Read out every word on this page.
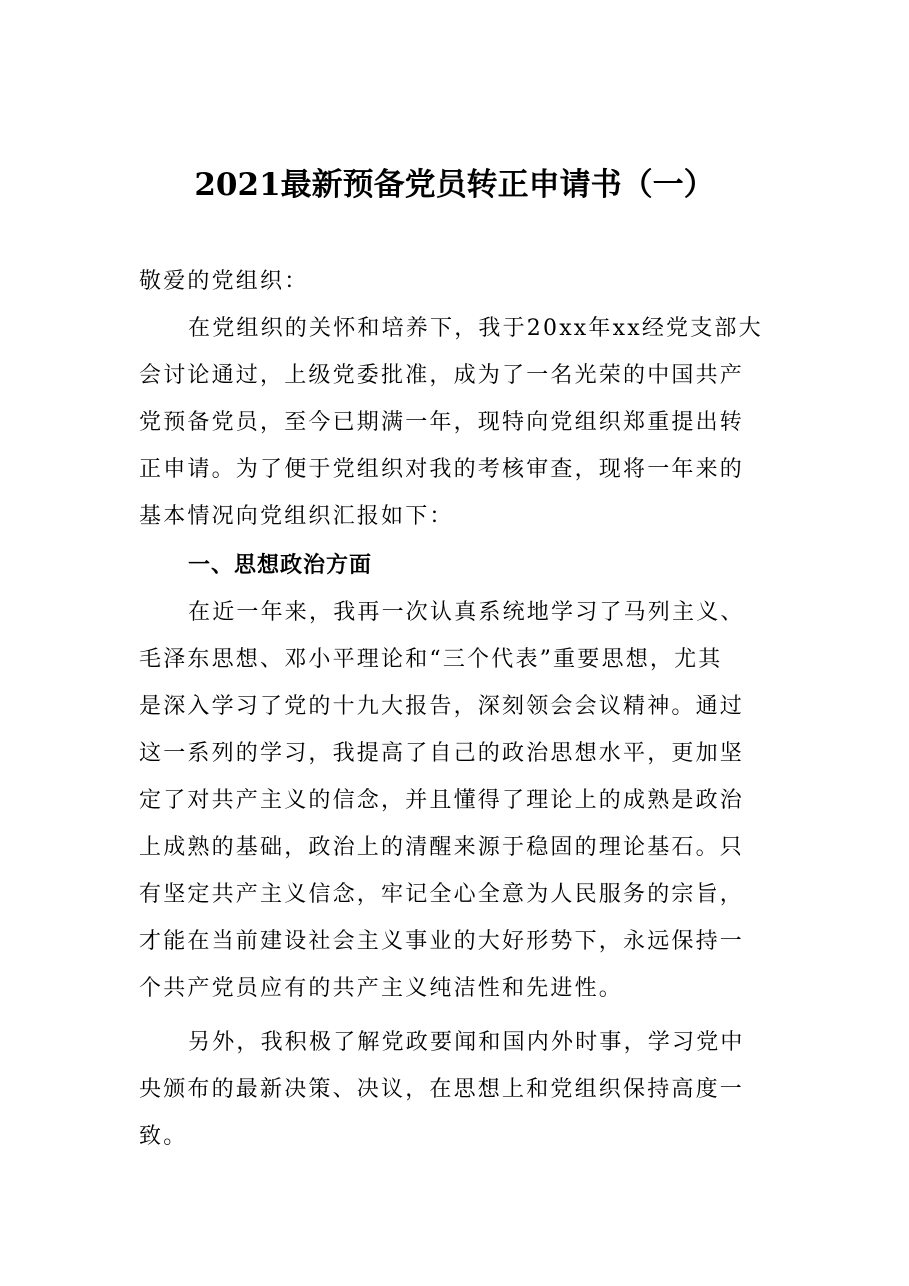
2021最新预备党员转正申请书（一）
敬爱的党组织：
在党组织的关怀和培养下，我于20xx年xx经党支部大
会讨论通过，上级党委批准，成为了一名光荣的中国共产
党预备党员，至今已期满一年，现特向党组织郑重提出转
正申请。为了便于党组织对我的考核审查，现将一年来的
基本情况向党组织汇报如下：
一、思想政治方面
在近一年来，我再一次认真系统地学习了马列主义、
毛泽东思想、邓小平理论和“三个代表”重要思想，尤其
是深入学习了党的十九大报告，深刻领会会议精神。通过
这一系列的学习，我提高了自己的政治思想水平，更加坚
定了对共产主义的信念，并且懂得了理论上的成熟是政治
上成熟的基础，政治上的清醒来源于稳固的理论基石。只
有坚定共产主义信念，牢记全心全意为人民服务的宗旨，
才能在当前建设社会主义事业的大好形势下，永远保持一
个共产党员应有的共产主义纯洁性和先进性。
另外，我积极了解党政要闻和国内外时事，学习党中
央颁布的最新决策、决议，在思想上和党组织保持高度一
致。
